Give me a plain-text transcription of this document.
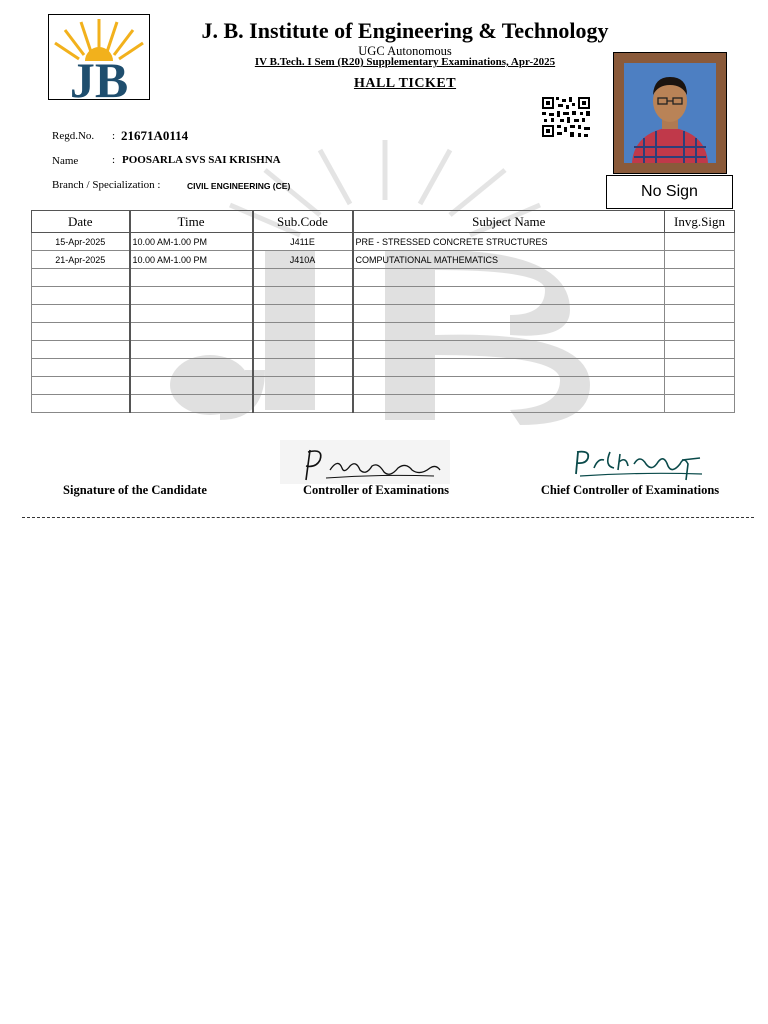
JB
J. B. Institute of Engineering & Technology
UGC Autonomous
IV B.Tech. I Sem (R20) Supplementary Examinations, Apr-2025
HALL TICKET
No Sign
Regd.No. : 21671A0114
Name	: POOSARLA SVS SAI KRISHNA
Branch / Specialization :	CIVIL ENGINEERING (CE)
Date	Time	Sub.Code	Subject Name	Invg.Sign
15-Apr-2025	10.00 AM-1.00 PM	J411E	PRE - STRESSED CONCRETE STRUCTURES	
21-Apr-2025	10.00 AM-1.00 PM	J410A	COMPUTATIONAL MATHEMATICS	

Signature of the Candidate	Controller of Examinations	Chief Controller of Examinations
